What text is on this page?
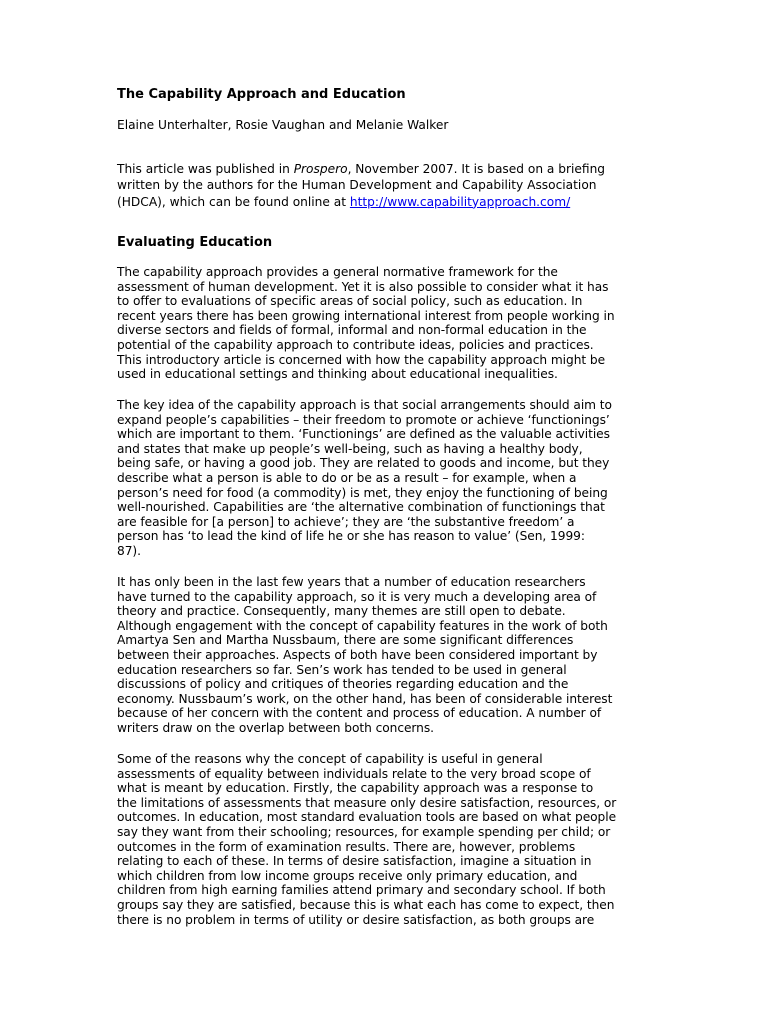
The Capability Approach and Education
Elaine Unterhalter, Rosie Vaughan and Melanie Walker
This article was published in Prospero, November 2007. It is based on a briefing
written by the authors for the Human Development and Capability Association
(HDCA), which can be found online at http://www.capabilityapproach.com/
Evaluating Education
The capability approach provides a general normative framework for the
assessment of human development. Yet it is also possible to consider what it has
to offer to evaluations of specific areas of social policy, such as education. In
recent years there has been growing international interest from people working in
diverse sectors and fields of formal, informal and non-formal education in the
potential of the capability approach to contribute ideas, policies and practices.
This introductory article is concerned with how the capability approach might be
used in educational settings and thinking about educational inequalities.
The key idea of the capability approach is that social arrangements should aim to
expand people’s capabilities – their freedom to promote or achieve ‘functionings’
which are important to them. ‘Functionings’ are defined as the valuable activities
and states that make up people’s well-being, such as having a healthy body,
being safe, or having a good job. They are related to goods and income, but they
describe what a person is able to do or be as a result – for example, when a
person’s need for food (a commodity) is met, they enjoy the functioning of being
well-nourished. Capabilities are ‘the alternative combination of functionings that
are feasible for [a person] to achieve’; they are ‘the substantive freedom’ a
person has ‘to lead the kind of life he or she has reason to value’ (Sen, 1999:
87).
It has only been in the last few years that a number of education researchers
have turned to the capability approach, so it is very much a developing area of
theory and practice. Consequently, many themes are still open to debate.
Although engagement with the concept of capability features in the work of both
Amartya Sen and Martha Nussbaum, there are some significant differences
between their approaches. Aspects of both have been considered important by
education researchers so far. Sen’s work has tended to be used in general
discussions of policy and critiques of theories regarding education and the
economy. Nussbaum’s work, on the other hand, has been of considerable interest
because of her concern with the content and process of education. A number of
writers draw on the overlap between both concerns.
Some of the reasons why the concept of capability is useful in general
assessments of equality between individuals relate to the very broad scope of
what is meant by education. Firstly, the capability approach was a response to
the limitations of assessments that measure only desire satisfaction, resources, or
outcomes. In education, most standard evaluation tools are based on what people
say they want from their schooling; resources, for example spending per child; or
outcomes in the form of examination results. There are, however, problems
relating to each of these. In terms of desire satisfaction, imagine a situation in
which children from low income groups receive only primary education, and
children from high earning families attend primary and secondary school. If both
groups say they are satisfied, because this is what each has come to expect, then
there is no problem in terms of utility or desire satisfaction, as both groups are
